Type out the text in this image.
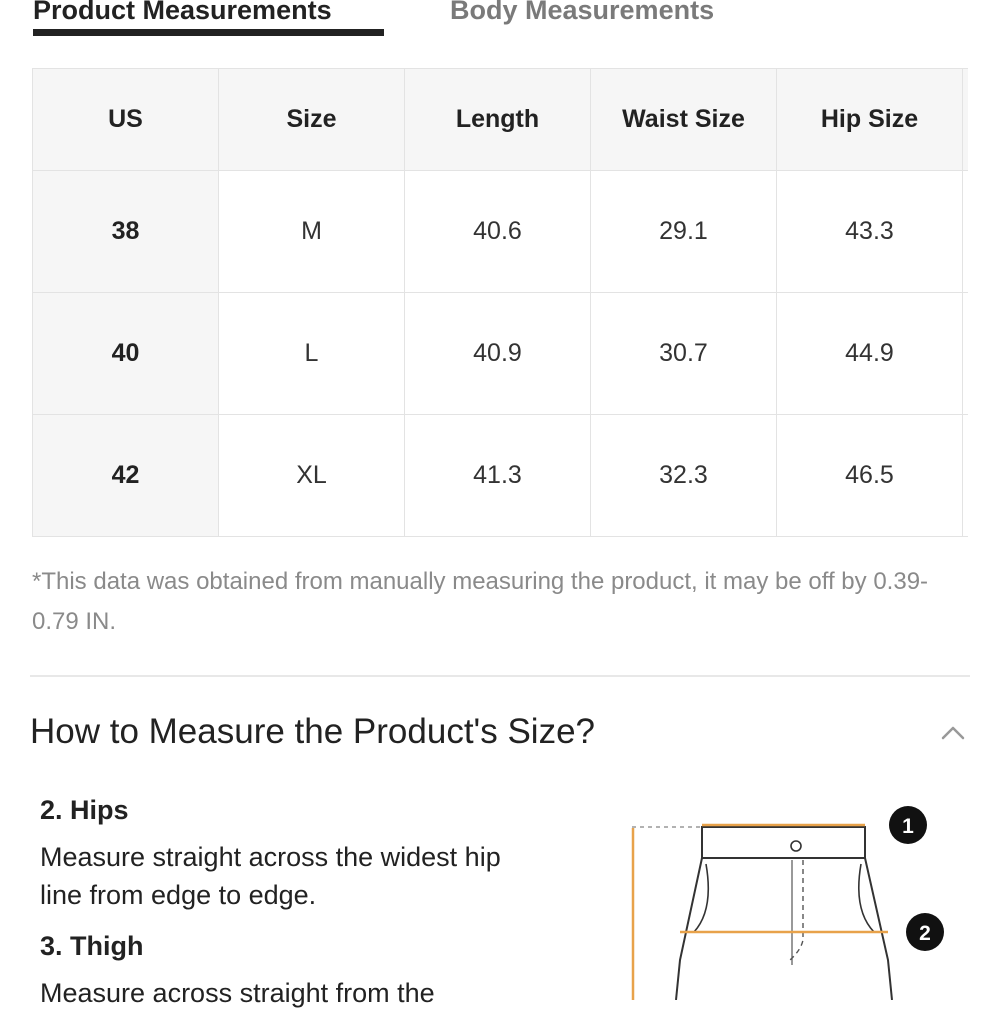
Product Measurements	Body Measurements
US	Size	Length	Waist Size	Hip Size	
38	M	40.6	29.1	43.3	
40	L	40.9	30.7	44.9	
42	XL	41.3	32.3	46.5	
*This data was obtained from manually measuring the product, it may be off by 0.39-0.79 IN.
How to Measure the Product's Size?
2. Hips
Measure straight across the widest hip line from edge to edge.
3. Thigh
Measure across straight from the
1
2
